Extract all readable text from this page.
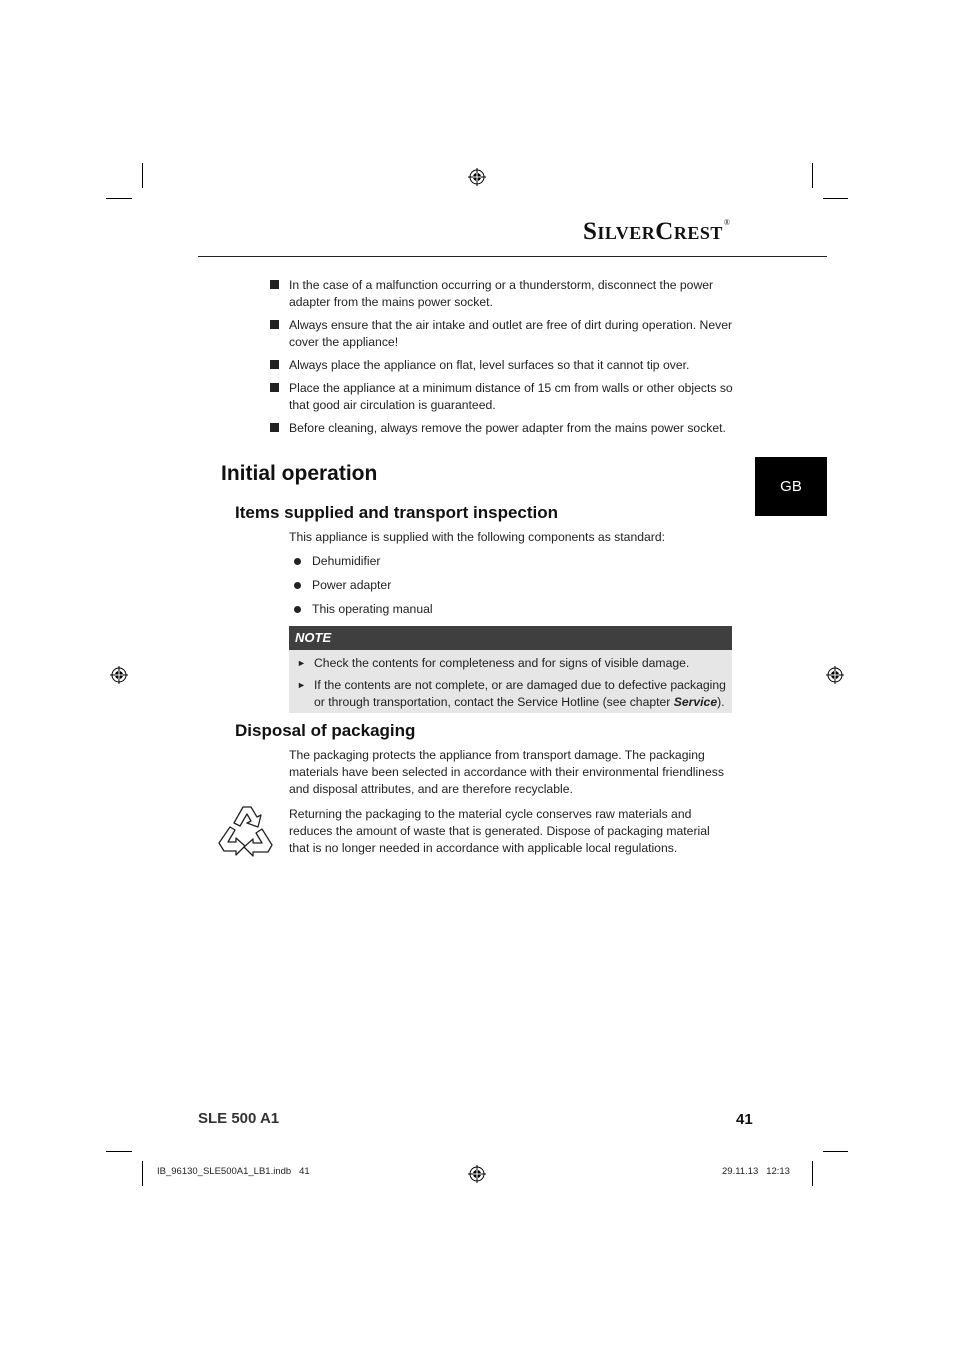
SilverCrest®
In the case of a malfunction occurring or a thunderstorm, disconnect the power adapter from the mains power socket.
Always ensure that the air intake and outlet are free of dirt during operation. Never cover the appliance!
Always place the appliance on flat, level surfaces so that it cannot tip over.
Place the appliance at a minimum distance of 15 cm from walls or other objects so that good air circulation is guaranteed.
Before cleaning, always remove the power adapter from the mains power socket.
Initial operation
GB
Items supplied and transport inspection

This appliance is supplied with the following components as standard:

Dehumidifier
Power adapter
This operating manual
NOTE
► Check the contents for completeness and for signs of visible damage.
► If the contents are not complete, or are damaged due to defective packaging or through transportation, contact the Service Hotline (see chapter Service).
Disposal of packaging

The packaging protects the appliance from transport damage. The packaging materials have been selected in accordance with their environmental friendliness and disposal attributes, and are therefore recyclable.

Returning the packaging to the material cycle conserves raw materials and reduces the amount of waste that is generated. Dispose of packaging material that is no longer needed in accordance with applicable local regulations.

SLE 500 A1	41
IB_96130_SLE500A1_LB1.indb   41	29.11.13   12:13
